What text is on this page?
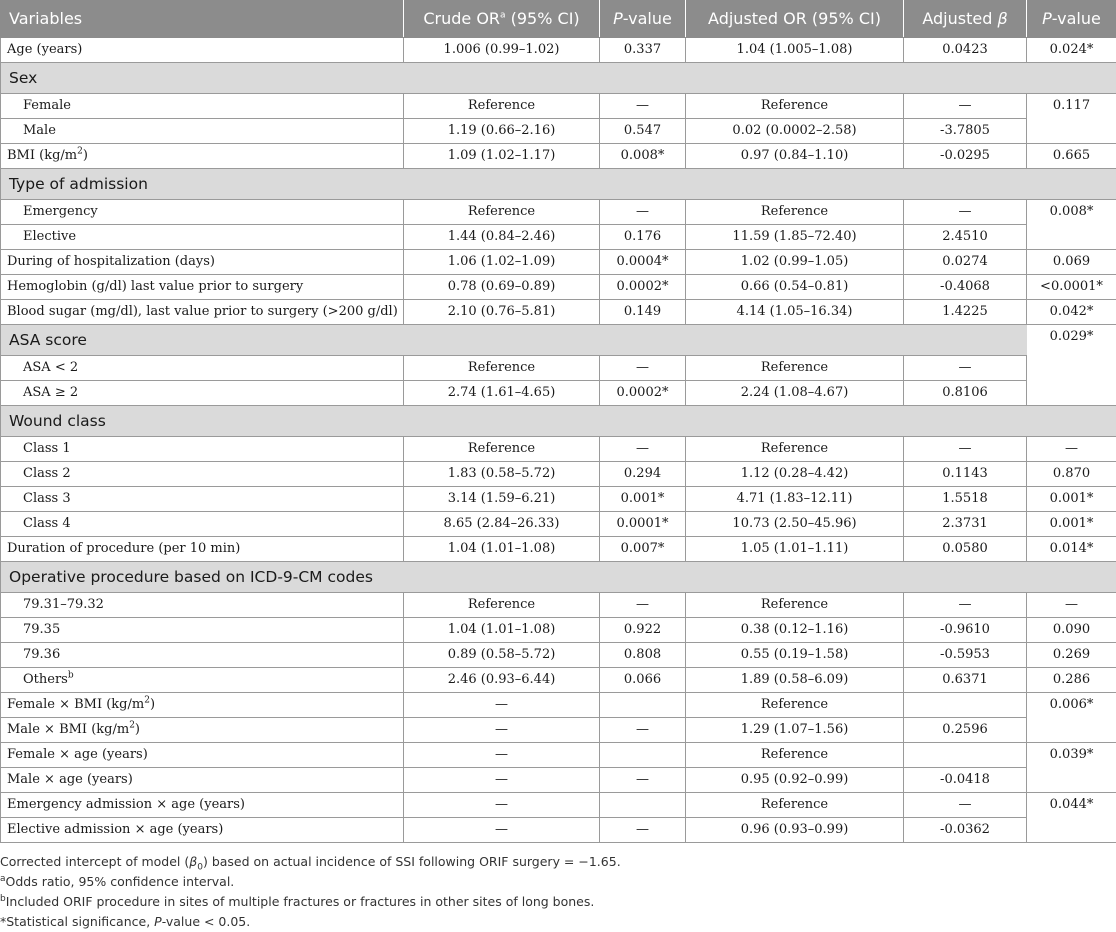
Variables	Crude $OR^a$ (95% CI)	P-value	Adjusted OR (95% CI)	Adjusted β	P-value
Age (years)	1.006 (0.99–1.02)	0.337	1.04 (1.005–1.08)	0.0423	0.024*
Sex					
Female	Reference	—	Reference	—	0.117
Male	1.19 (0.66–2.16)	0.547	0.02 (0.0002–2.58)	-3.7805	
BMI $(kg/m^2)$	1.09 (1.02–1.17)	0.008*	0.97 (0.84–1.10)	-0.0295	0.665
Type of admission					
Emergency	Reference	—	Reference	—	0.008*
Elective	1.44 (0.84–2.46)	0.176	11.59 (1.85–72.40)	2.4510	
During of hospitalization (days)	1.06 (1.02–1.09)	0.0004*	1.02 (0.99–1.05)	0.0274	0.069
Hemoglobin (g/dl) last value prior to surgery	0.78 (0.69–0.89)	0.0002*	0.66 (0.54–0.81)	-0.4068	<0.0001*
Blood sugar (mg/dl), last value prior to surgery (>200 g/dl)	2.10 (0.76–5.81)	0.149	4.14 (1.05–16.34)	1.4225	0.042*
ASA score					0.029*
ASA < 2	Reference	—	Reference	—	
ASA ≥ 2	2.74 (1.61–4.65)	0.0002*	2.24 (1.08–4.67)	0.8106	
Wound class					
Class 1	Reference	—	Reference	—	—
Class 2	1.83 (0.58–5.72)	0.294	1.12 (0.28–4.42)	0.1143	0.870
Class 3	3.14 (1.59–6.21)	0.001*	4.71 (1.83–12.11)	1.5518	0.001*
Class 4	8.65 (2.84–26.33)	0.0001*	10.73 (2.50–45.96)	2.3731	0.001*
Duration of procedure (per 10 min)	1.04 (1.01–1.08)	0.007*	1.05 (1.01–1.11)	0.0580	0.014*
Operative procedure based on ICD-9-CM codes					
79.31–79.32	Reference	—	Reference	—	—
79.35	1.04 (1.01–1.08)	0.922	0.38 (0.12–1.16)	-0.9610	0.090
79.36	0.89 (0.58–5.72)	0.808	0.55 (0.19–1.58)	-0.5953	0.269
Others$^b$	2.46 (0.93–6.44)	0.066	1.89 (0.58–6.09)	0.6371	0.286
Female × BMI $(kg/m^2)$	—		Reference		0.006*
Male × BMI $(kg/m^2)$	—	—	1.29 (1.07–1.56)	0.2596	
Female × age (years)	—		Reference		0.039*
Male × age (years)	—	—	0.95 (0.92–0.99)	-0.0418	
Emergency admission × age (years)	—		Reference	—	0.044*
Elective admission × age (years)	—	—	0.96 (0.93–0.99)	-0.0362	
Corrected intercept of model $(\beta_0)$ based on actual incidence of SSI following ORIF surgery = −1.65.
$^a$Odds ratio, 95% confidence interval.
$^b$Included ORIF procedure in sites of multiple fractures or fractures in other sites of long bones.
*Statistical significance, P-value < 0.05.
